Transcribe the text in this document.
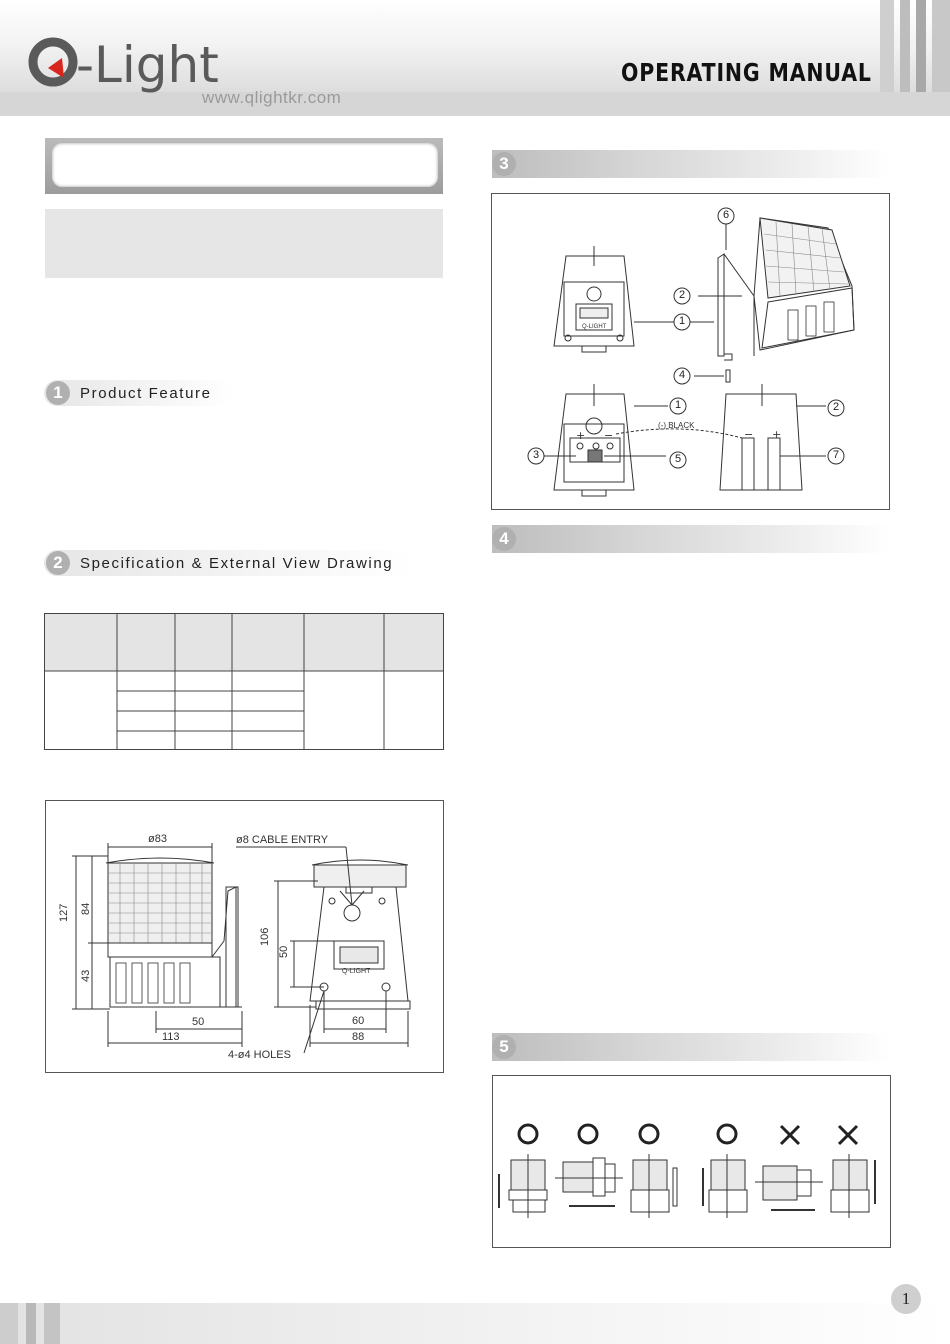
-Light
www.qlightkr.com
OPERATING MANUAL
1	Product Feature
2	Specification & External View Drawing
ø83	ø8 CABLE ENTRY
127 84
43
50
113
106
50
60
88
4-ø4 HOLES
Q-LIGHT
3
+ −	− +
6
2
1
4
1	2
3	5	7
(-) BLACK
Q-LIGHT
4
5
1
